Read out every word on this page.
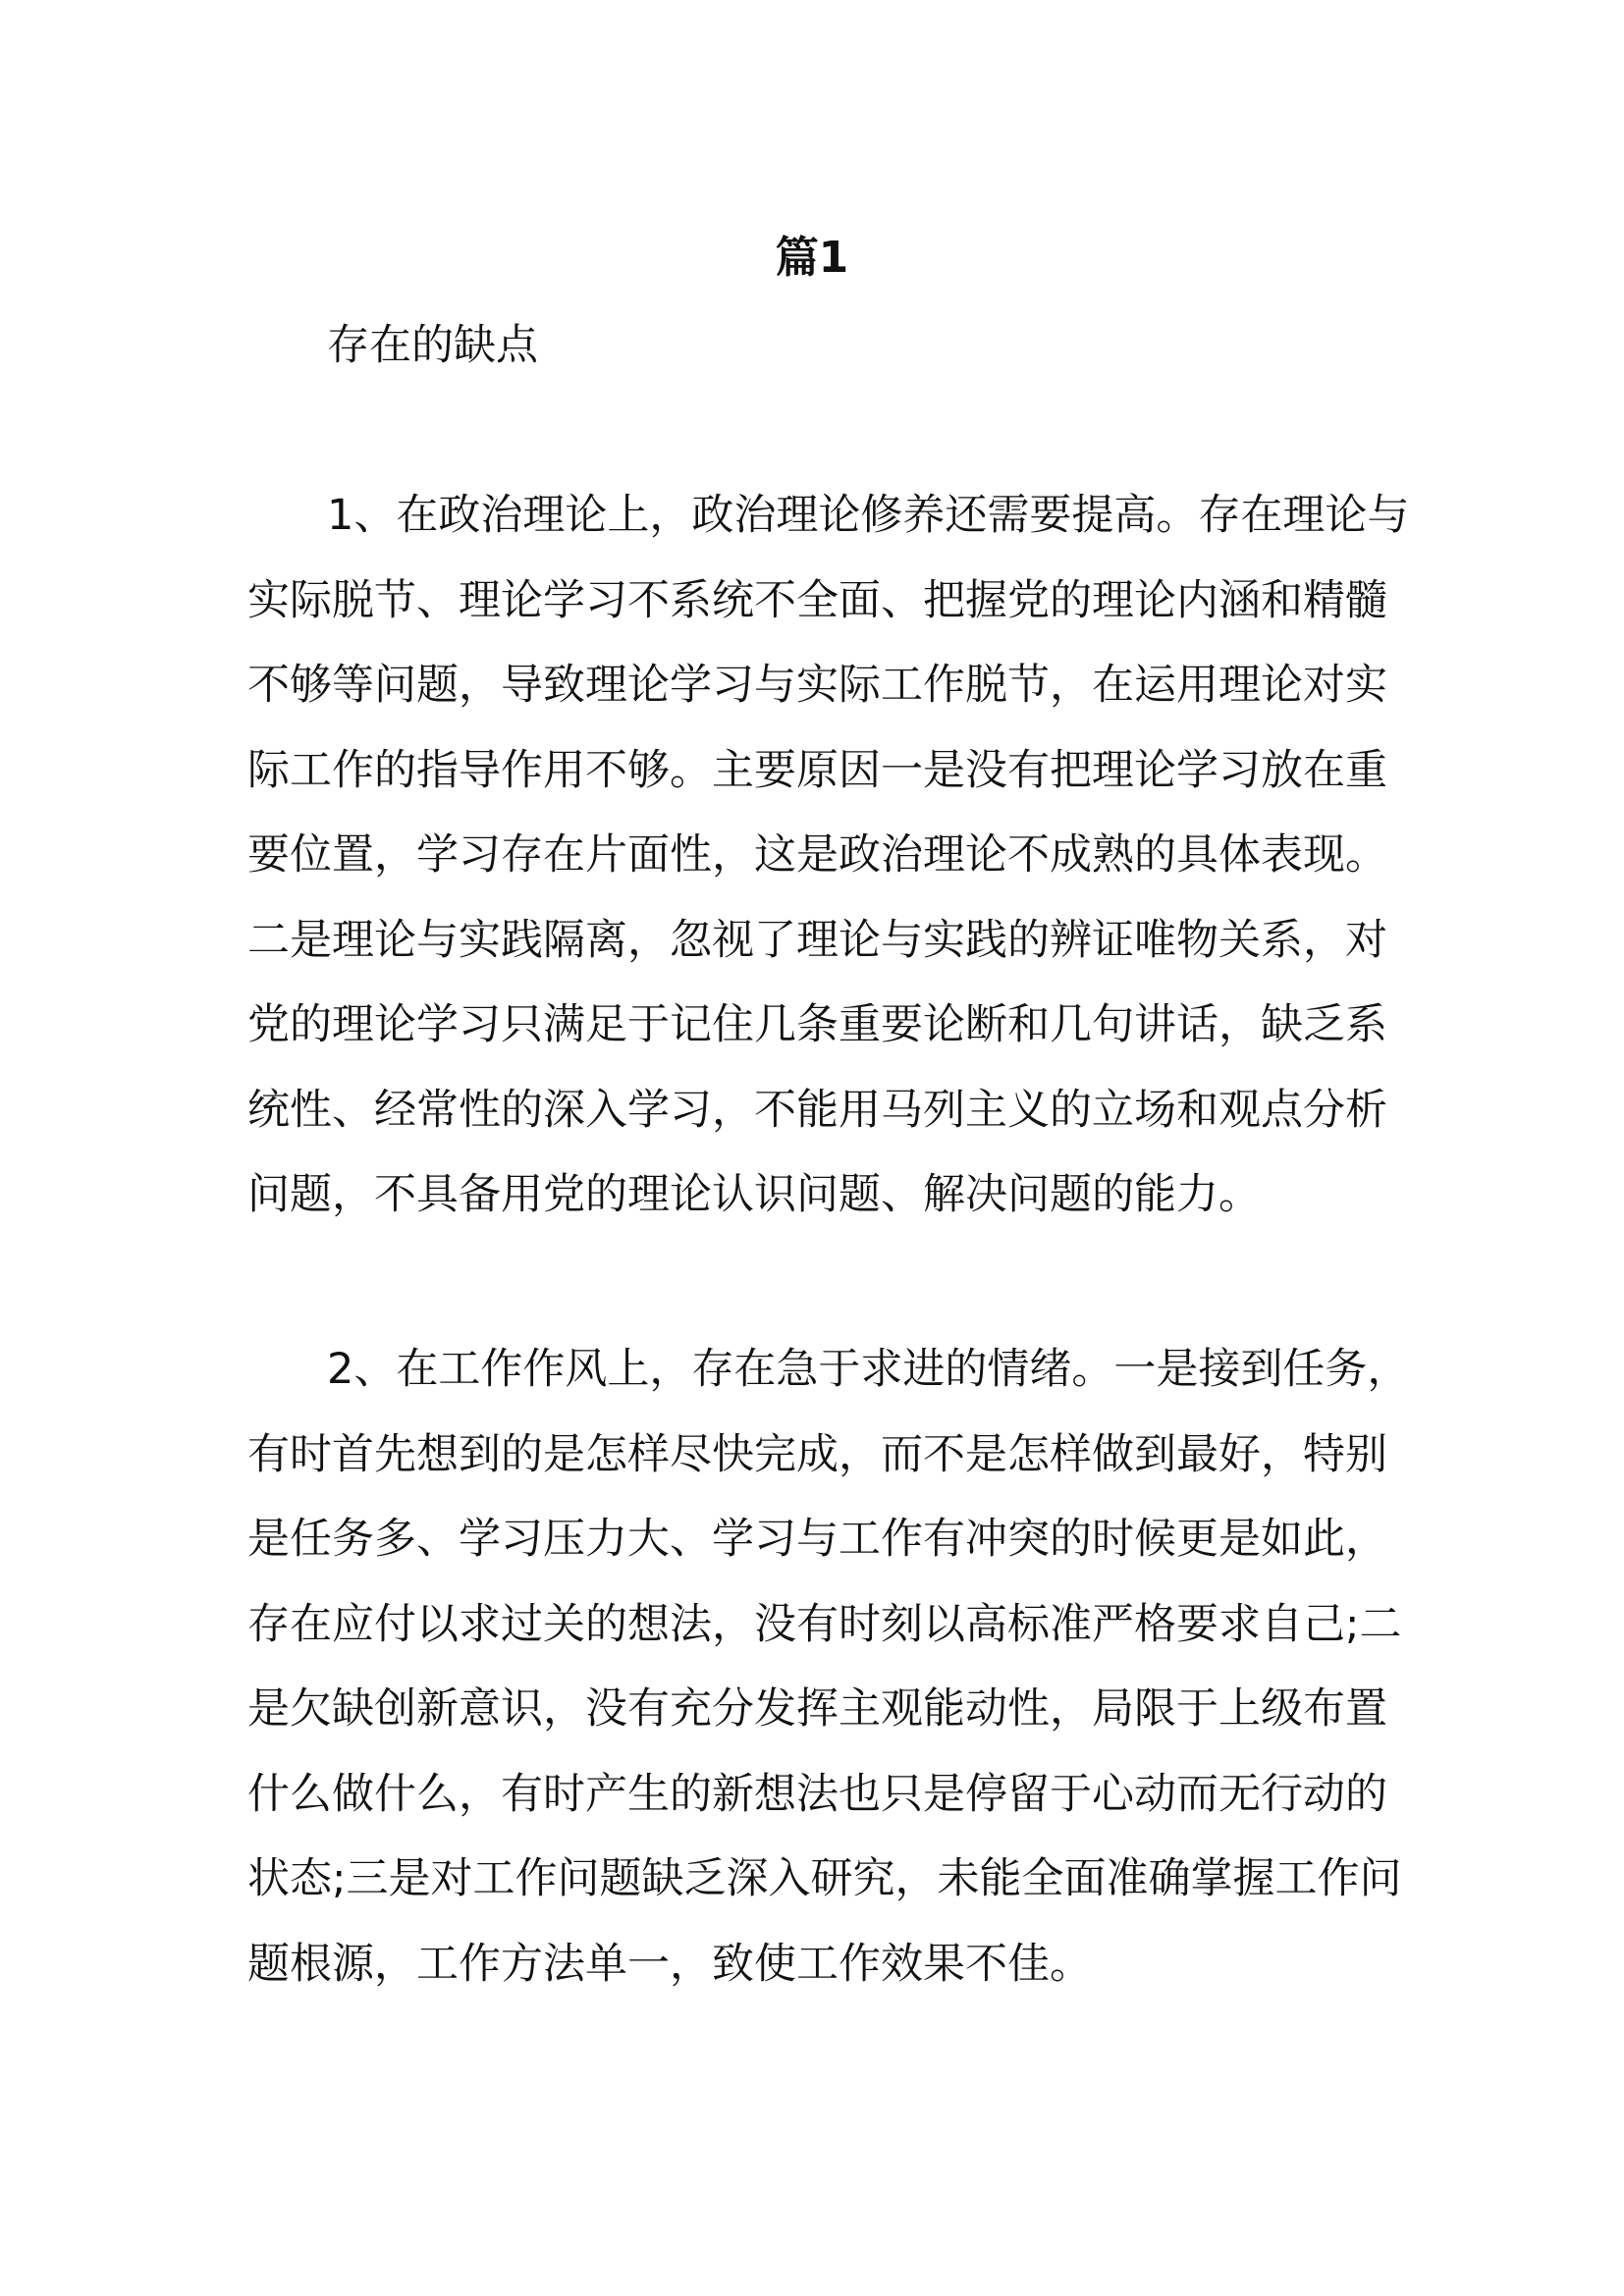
篇1
存在的缺点
1、在政治理论上，政治理论修养还需要提高。存在理论与
实际脱节、理论学习不系统不全面、把握党的理论内涵和精髓
不够等问题，导致理论学习与实际工作脱节，在运用理论对实
际工作的指导作用不够。主要原因一是没有把理论学习放在重
要位置，学习存在片面性，这是政治理论不成熟的具体表现。
二是理论与实践隔离，忽视了理论与实践的辨证唯物关系，对
党的理论学习只满足于记住几条重要论断和几句讲话，缺乏系
统性、经常性的深入学习，不能用马列主义的立场和观点分析
问题，不具备用党的理论认识问题、解决问题的能力。
2、在工作作风上，存在急于求进的情绪。一是接到任务，
有时首先想到的是怎样尽快完成，而不是怎样做到最好，特别
是任务多、学习压力大、学习与工作有冲突的时候更是如此，
存在应付以求过关的想法，没有时刻以高标准严格要求自己;二
是欠缺创新意识，没有充分发挥主观能动性，局限于上级布置
什么做什么，有时产生的新想法也只是停留于心动而无行动的
状态;三是对工作问题缺乏深入研究，未能全面准确掌握工作问
题根源，工作方法单一，致使工作效果不佳。
